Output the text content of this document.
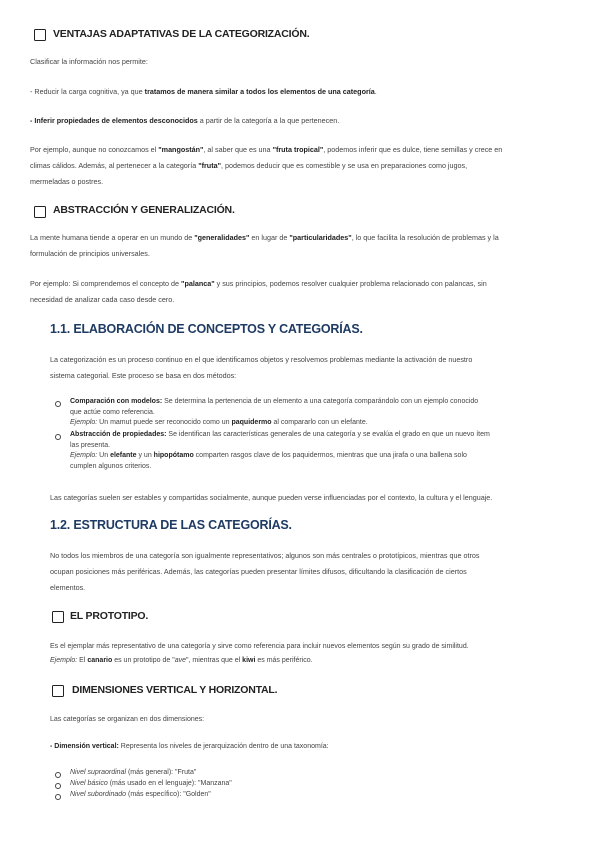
VENTAJAS ADAPTATIVAS DE LA CATEGORIZACIÓN.
Clasificar la información nos permite:
- Reducir la carga cognitiva, ya que tratamos de manera similar a todos los elementos de una categoría.
- Inferir propiedades de elementos desconocidos a partir de la categoría a la que pertenecen.
Por ejemplo, aunque no conozcamos el "mangostán", al saber que es una "fruta tropical", podemos inferir que es dulce, tiene semillas y crece en
climas cálidos. Además, al pertenecer a la categoría "fruta", podemos deducir que es comestible y se usa en preparaciones como jugos,
mermeladas o postres.
ABSTRACCIÓN Y GENERALIZACIÓN.
La mente humana tiende a operar en un mundo de "generalidades" en lugar de "particularidades", lo que facilita la resolución de problemas y la
formulación de principios universales.
Por ejemplo: Si comprendemos el concepto de "palanca" y sus principios, podemos resolver cualquier problema relacionado con palancas, sin
necesidad de analizar cada caso desde cero.
1.1. ELABORACIÓN DE CONCEPTOS Y CATEGORÍAS.
La categorización es un proceso continuo en el que identificamos objetos y resolvemos problemas mediante la activación de nuestro
sistema categorial. Este proceso se basa en dos métodos:
Comparación con modelos: Se determina la pertenencia de un elemento a una categoría comparándolo con un ejemplo conocido
que actúe como referencia.
Ejemplo: Un mamut puede ser reconocido como un paquidermo al compararlo con un elefante.
Abstracción de propiedades: Se identifican las características generales de una categoría y se evalúa el grado en que un nuevo ítem
las presenta.
Ejemplo: Un elefante y un hipopótamo comparten rasgos clave de los paquidermos, mientras que una jirafa o una ballena solo
cumplen algunos criterios.
Las categorías suelen ser estables y compartidas socialmente, aunque pueden verse influenciadas por el contexto, la cultura y el lenguaje.
1.2. ESTRUCTURA DE LAS CATEGORÍAS.
No todos los miembros de una categoría son igualmente representativos; algunos son más centrales o prototípicos, mientras que otros
ocupan posiciones más periféricas. Además, las categorías pueden presentar límites difusos, dificultando la clasificación de ciertos
elementos.
EL PROTOTIPO.
Es el ejemplar más representativo de una categoría y sirve como referencia para incluir nuevos elementos según su grado de similitud.
Ejemplo: El canario es un prototipo de "ave", mientras que el kiwi es más periférico.
DIMENSIONES VERTICAL Y HORIZONTAL.
Las categorías se organizan en dos dimensiones:
- Dimensión vertical: Representa los niveles de jerarquización dentro de una taxonomía:
Nivel supraordinal (más general): "Fruta"
Nivel básico (más usado en el lenguaje): "Manzana"
Nivel subordinado (más específico): "Golden"
